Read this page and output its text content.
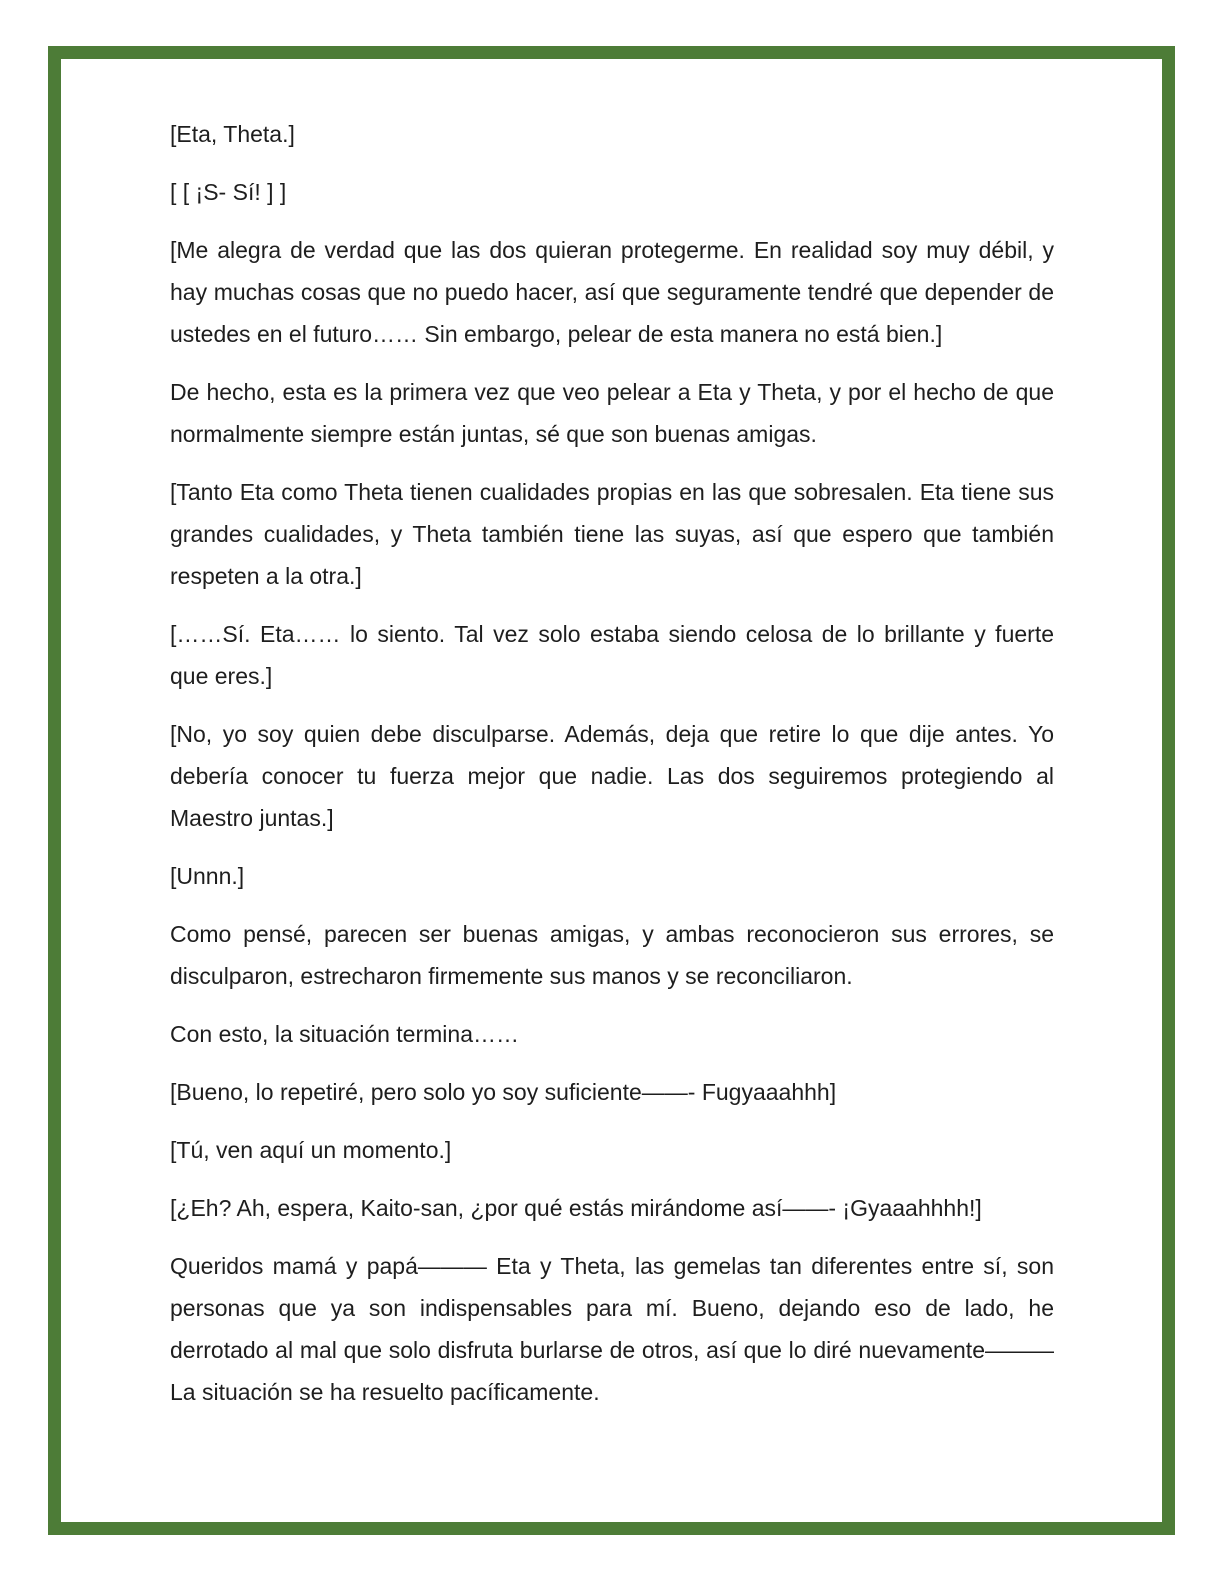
[Eta, Theta.]

[ [ ¡S- Sí! ] ]

[Me alegra de verdad que las dos quieran protegerme. En realidad soy muy débil, y hay muchas cosas que no puedo hacer, así que seguramente tendré que depender de ustedes en el futuro…… Sin embargo, pelear de esta manera no está bien.]

De hecho, esta es la primera vez que veo pelear a Eta y Theta, y por el hecho de que normalmente siempre están juntas, sé que son buenas amigas.

[Tanto Eta como Theta tienen cualidades propias en las que sobresalen. Eta tiene sus grandes cualidades, y Theta también tiene las suyas, así que espero que también respeten a la otra.]

[……Sí. Eta…… lo siento. Tal vez solo estaba siendo celosa de lo brillante y fuerte que eres.]

[No, yo soy quien debe disculparse. Además, deja que retire lo que dije antes. Yo debería conocer tu fuerza mejor que nadie. Las dos seguiremos protegiendo al Maestro juntas.]

[Unnn.]

Como pensé, parecen ser buenas amigas, y ambas reconocieron sus errores, se disculparon, estrecharon firmemente sus manos y se reconciliaron.

Con esto, la situación termina……

[Bueno, lo repetiré, pero solo yo soy suficiente——- Fugyaaahhh]

[Tú, ven aquí un momento.]

[¿Eh? Ah, espera, Kaito-san, ¿por qué estás mirándome así——- ¡Gyaaahhhh!]

Queridos mamá y papá——— Eta y Theta, las gemelas tan diferentes entre sí, son personas que ya son indispensables para mí. Bueno, dejando eso de lado, he derrotado al mal que solo disfruta burlarse de otros, así que lo diré nuevamente——— La situación se ha resuelto pacíficamente.
